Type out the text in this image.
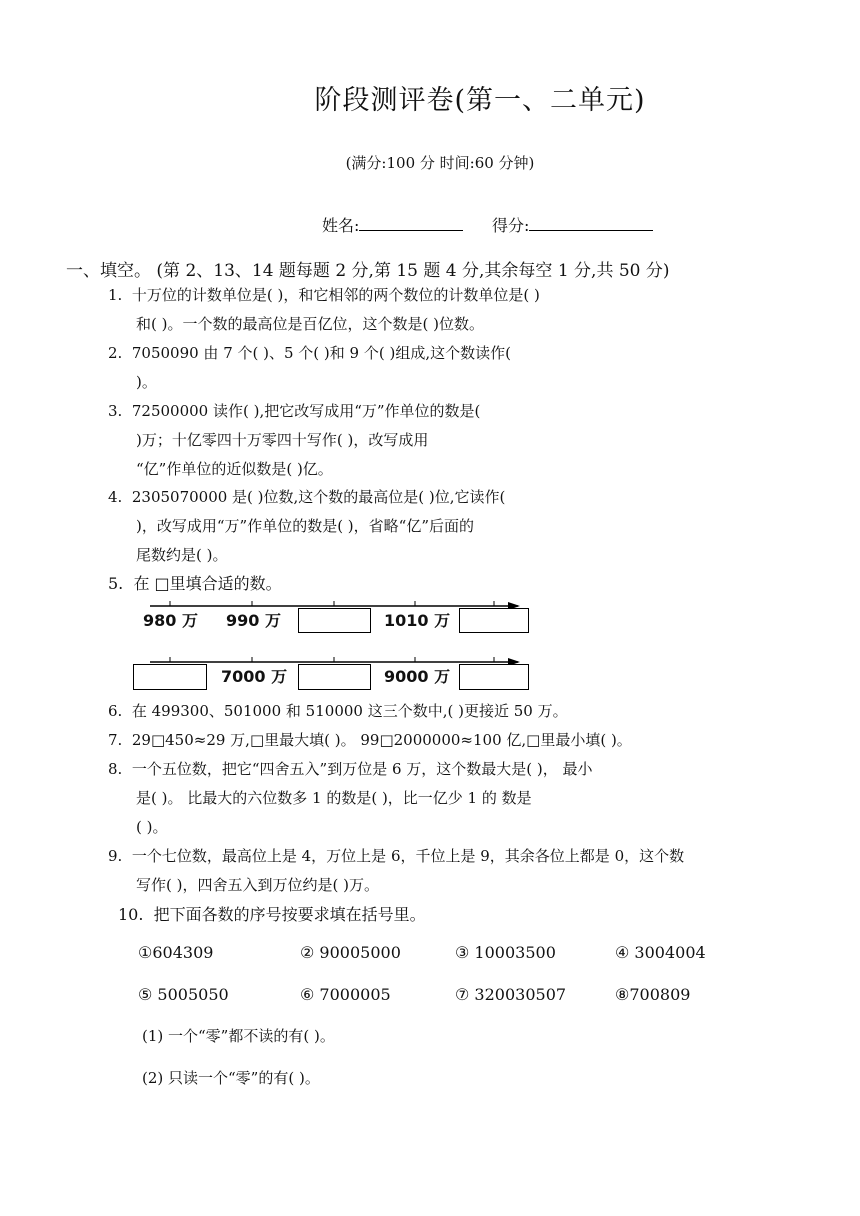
阶段测评卷(第一、二单元)
(满分:100 分 时间:60 分钟)
姓名:	得分:
一、填空。 (第 2、13、14 题每题 2 分,第 15 题 4 分,其余每空 1 分,共 50 分)
1. 十万位的计数单位是( )，和它相邻的两个数位的计数单位是( )
和( )。一个数的最高位是百亿位，这个数是( )位数。
2. 7050090 由 7 个( )、5 个( )和 9 个( )组成,这个数读作(
)。
3. 72500000 读作( ),把它改写成用“万”作单位的数是(
)万；十亿零四十万零四十写作( )，改写成用
“亿”作单位的近似数是( )亿。
4. 2305070000 是( )位数,这个数的最高位是( )位,它读作(
)，改写成用“万”作单位的数是( )，省略“亿”后面的
尾数约是( )。
5. 在 □里填合适的数。
980 万 990 万	1010 万
7000 万	9000 万
6. 在 499300、501000 和 510000 这三个数中,( )更接近 50 万。
7. 29□450≈29 万,□里最大填( )。 99□2000000≈100 亿,□里最小填( )。
8. 一个五位数，把它“四舍五入”到万位是 6 万，这个数最大是( )， 最小
是( )。 比最大的六位数多 1 的数是( )，比一亿少 1 的 数是
( )。
9. 一个七位数，最高位上是 4，万位上是 6，千位上是 9，其余各位上都是 0，这个数
写作( )，四舍五入到万位约是( )万。
10. 把下面各数的序号按要求填在括号里。
①604309	② 90005000	③ 10003500	④ 3004004
⑤ 5005050	⑥ 7000005	⑦ 320030507	⑧700809
(1) 一个“零”都不读的有( )。
(2) 只读一个“零”的有( )。
